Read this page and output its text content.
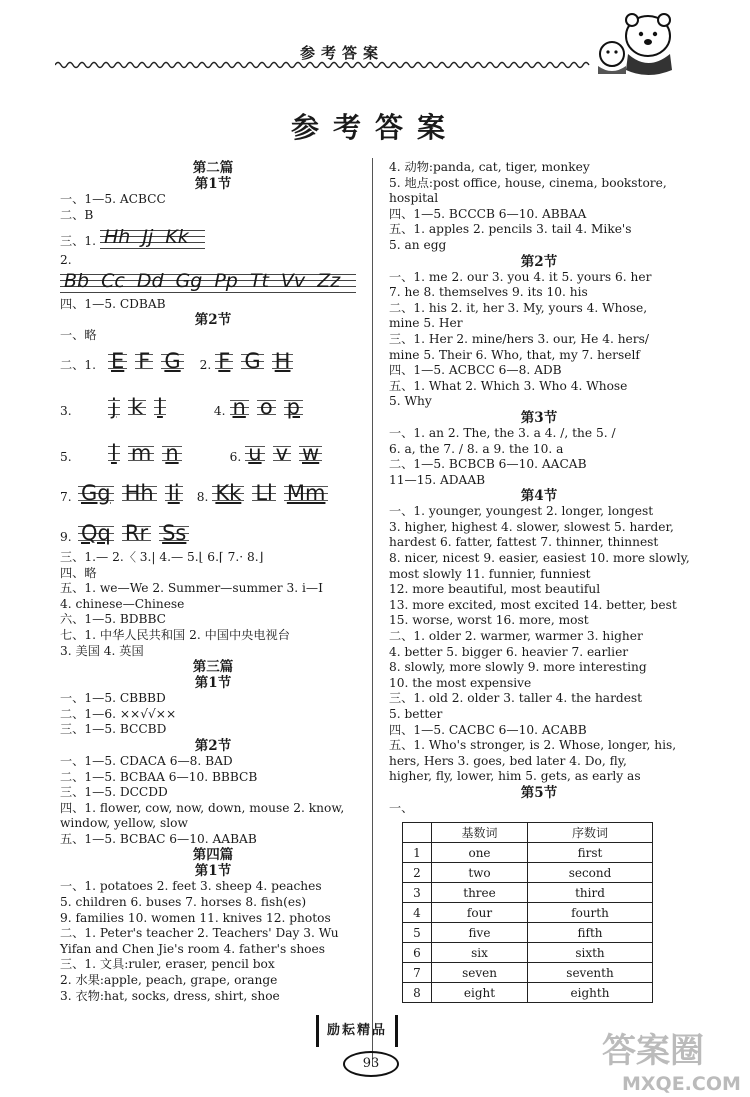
参考答案
参考答案
第二篇
第1节
一、1—5. ACBCC
二、B
三、1. Hh Jj Kk
2.
Bb Cc Dd Gg Pp Tt Vv Zz
四、1—5. CDBAB
第2节
一、略
二、1. E F G 2. F G H
3.	j k l	4. n o p
5.	l m n	6. u v w
7. Gg Hh Ii 8. Kk Ll Mm
9. Qq Rr Ss
三、1.— 2.〈 3.| 4.— 5.⌊ 6.⌈ 7.· 8.⌋
四、略
五、1. we—We 2. Summer—summer 3. i—I
4. chinese—Chinese
六、1—5. BDBBC
七、1. 中华人民共和国 2. 中国中央电视台
3. 美国 4. 英国
第三篇
第1节
一、1—5. CBBBD
二、1—6. ××√√××
三、1—5. BCCBD
第2节
一、1—5. CDACA 6—8. BAD
二、1—5. BCBAA 6—10. BBBCB
三、1—5. DCCDD
四、1. flower, cow, now, down, mouse 2. know,
window, yellow, slow
五、1—5. BCBAC 6—10. AABAB
第四篇
第1节
一、1. potatoes 2. feet 3. sheep 4. peaches
5. children 6. buses 7. horses 8. fish(es)
9. families 10. women 11. knives 12. photos
二、1. Peter's teacher 2. Teachers' Day 3. Wu
Yifan and Chen Jie's room 4. father's shoes
三、1. 文具:ruler, eraser, pencil box
2. 水果:apple, peach, grape, orange
3. 衣物:hat, socks, dress, shirt, shoe
4. 动物:panda, cat, tiger, monkey
5. 地点:post office, house, cinema, bookstore,
hospital
四、1—5. BCCCB 6—10. ABBAA
五、1. apples 2. pencils 3. tail 4. Mike's
5. an egg
第2节
一、1. me 2. our 3. you 4. it 5. yours 6. her
7. he 8. themselves 9. its 10. his
二、1. his 2. it, her 3. My, yours 4. Whose,
mine 5. Her
三、1. Her 2. mine/hers 3. our, He 4. hers/
mine 5. Their 6. Who, that, my 7. herself
四、1—5. ACBCC 6—8. ADB
五、1. What 2. Which 3. Who 4. Whose
5. Why
第3节
一、1. an 2. The, the 3. a 4. /, the 5. /
6. a, the 7. / 8. a 9. the 10. a
二、1—5. BCBCB 6—10. AACAB
11—15. ADAAB
第4节
一、1. younger, youngest 2. longer, longest
3. higher, highest 4. slower, slowest 5. harder,
hardest 6. fatter, fattest 7. thinner, thinnest
8. nicer, nicest 9. easier, easiest 10. more slowly,
most slowly 11. funnier, funniest
12. more beautiful, most beautiful
13. more excited, most excited 14. better, best
15. worse, worst 16. more, most
二、1. older 2. warmer, warmer 3. higher
4. better 5. bigger 6. heavier 7. earlier
8. slowly, more slowly 9. more interesting
10. the most expensive
三、1. old 2. older 3. taller 4. the hardest
5. better
四、1—5. CACBC 6—10. ACABB
五、1. Who's stronger, is 2. Whose, longer, his,
hers, Hers 3. goes, bed later 4. Do, fly,
higher, fly, lower, him 5. gets, as early as
第5节
一、
	基数词	序数词
1	one	first
2	two	second
3	three	third
4	four	fourth
5	five	fifth
6	six	sixth
7	seven	seventh
8	eight	eighth
励耘精品
93	答案圈
MXQE.COM
